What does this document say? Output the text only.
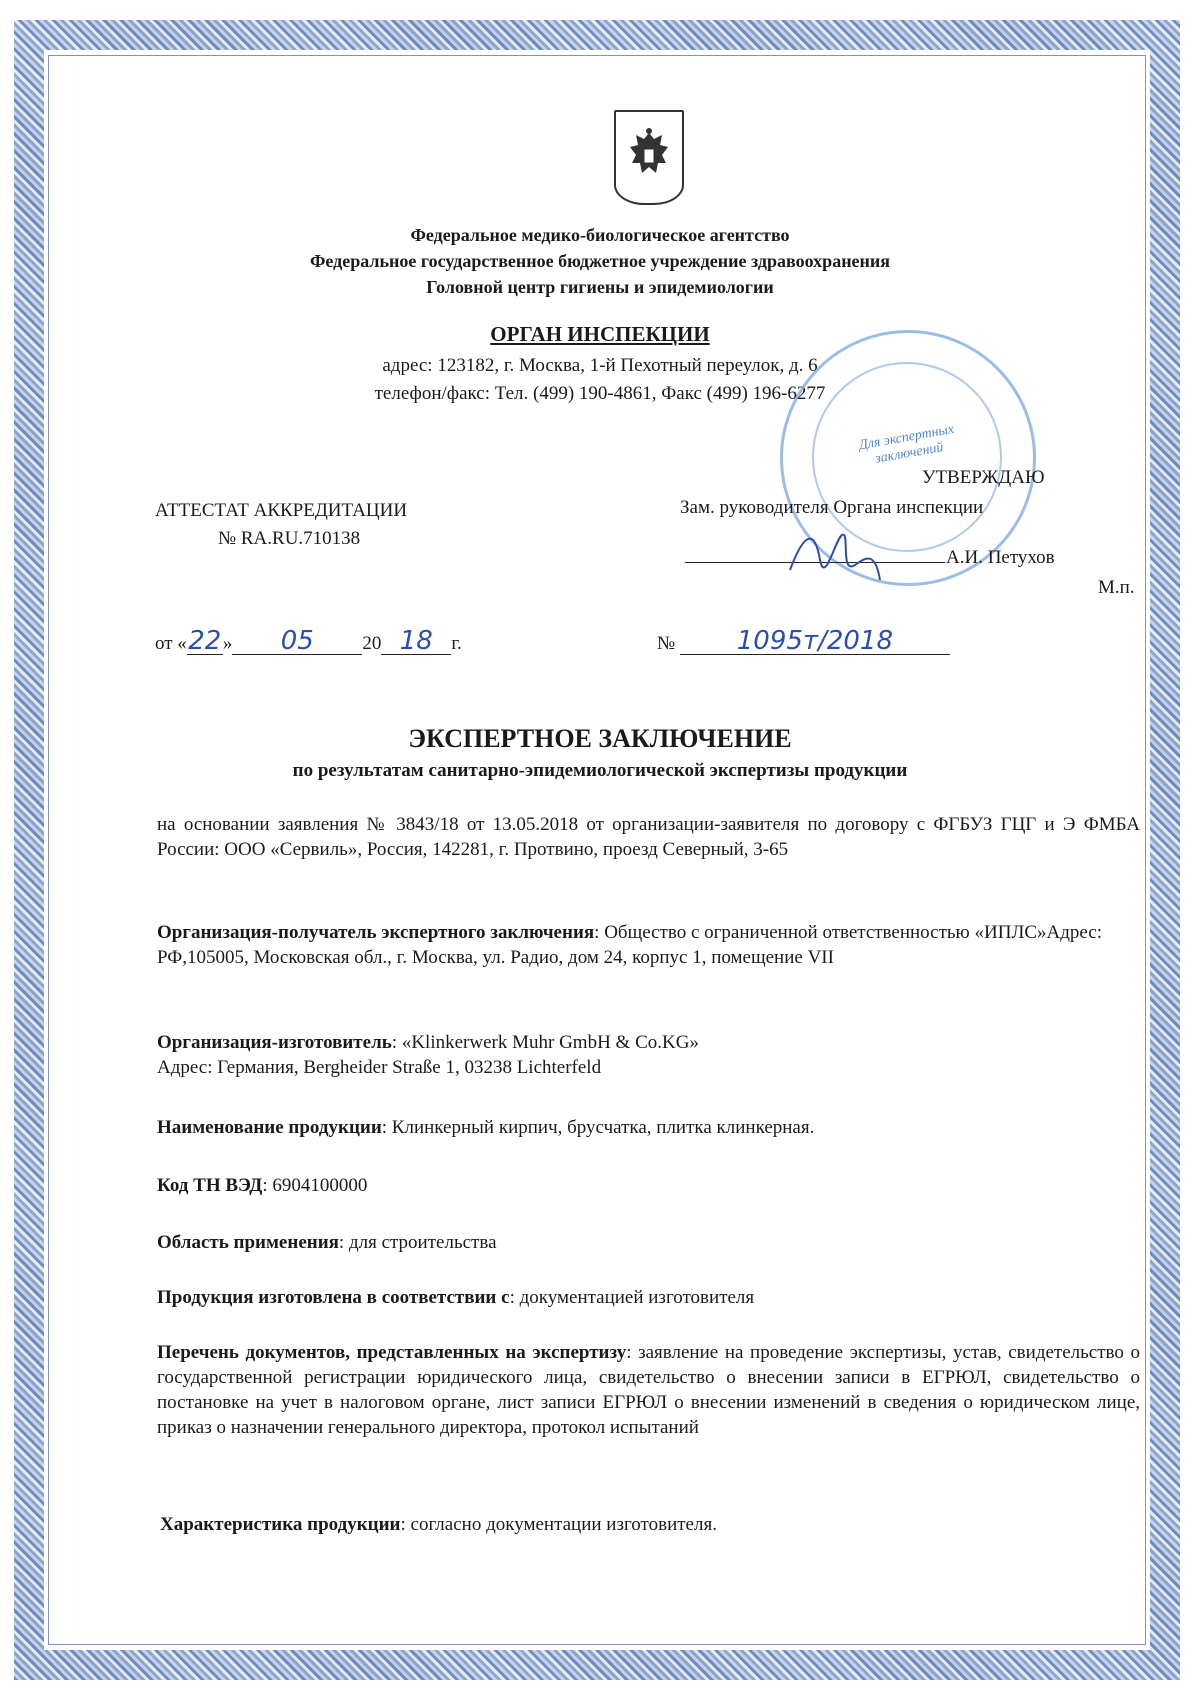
Федеральное медико-биологическое агентство
Федеральное государственное бюджетное учреждение здравоохранения
Головной центр гигиены и эпидемиологии
ОРГАН ИНСПЕКЦИИ
адрес: 123182, г. Москва, 1-й Пехотный переулок, д. 6
телефон/факс: Тел. (499) 190-4861, Факс (499) 196-6277
Для экспертных заключений
УТВЕРЖДАЮ
Зам. руководителя Органа инспекции
А.И. Петухов
М.п.
АТТЕСТАТ АККРЕДИТАЦИИ
№ RA.RU.710138
от «22» 05	20 18 г.	№ 1095т/2018
ЭКСПЕРТНОЕ ЗАКЛЮЧЕНИЕ
по результатам санитарно-эпидемиологической экспертизы продукции
на основании заявления № 3843/18 от 13.05.2018 от организации-заявителя по договору с ФГБУЗ ГЦГ и Э ФМБА России: ООО «Сервиль», Россия, 142281, г. Протвино, проезд Северный, 3-65
Организация-получатель экспертного заключения: Общество с ограниченной ответственностью «ИПЛС»Адрес: РФ,105005, Московская обл., г. Москва, ул. Радио, дом 24, корпус 1, помещение VII
Организация-изготовитель: «Klinkerwerk Muhr GmbH & Co.KG»
Адрес: Германия, Bergheider Straße 1, 03238 Lichterfeld
Наименование продукции: Клинкерный кирпич, брусчатка, плитка клинкерная.
Код ТН ВЭД: 6904100000
Область применения: для строительства
Продукция изготовлена в соответствии с: документацией изготовителя
Перечень документов, представленных на экспертизу: заявление на проведение экспертизы, устав, свидетельство о государственной регистрации юридического лица, свидетельство о внесении записи в ЕГРЮЛ, свидетельство о постановке на учет в налоговом органе, лист записи ЕГРЮЛ о внесении изменений в сведения о юридическом лице, приказ о назначении генерального директора, протокол испытаний
Характеристика продукции: согласно документации изготовителя.
